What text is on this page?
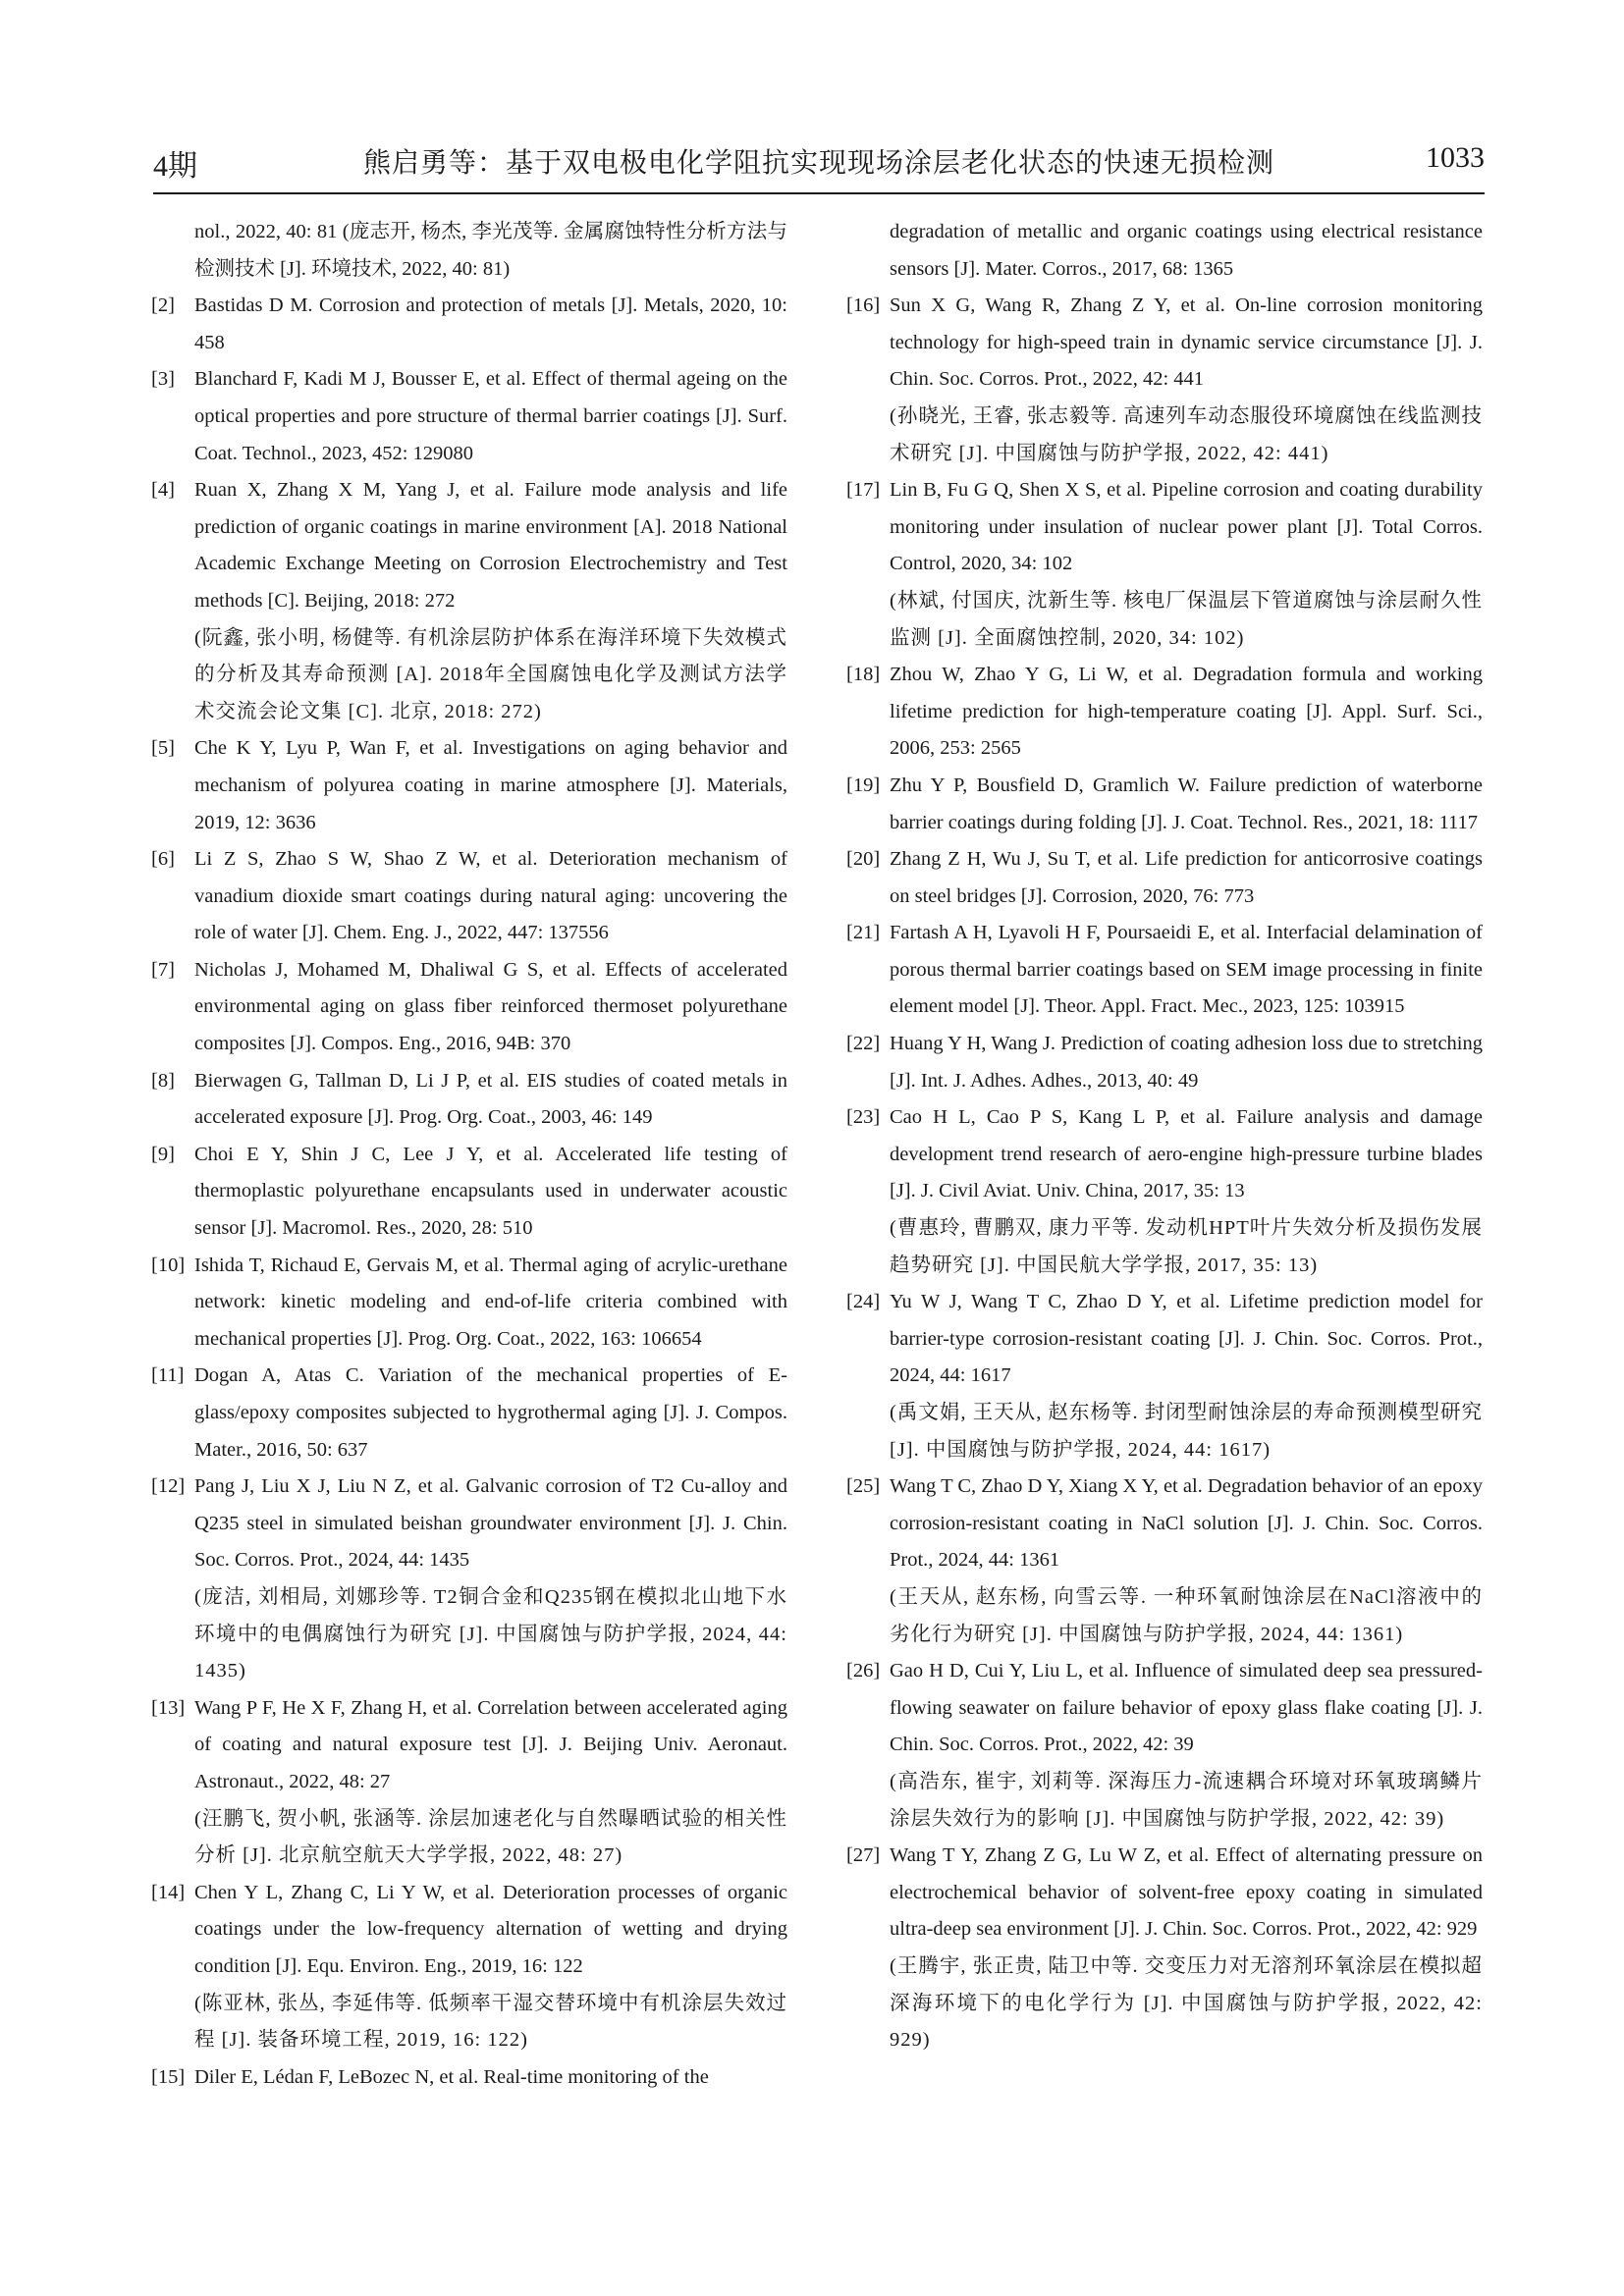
4期	熊启勇等：基于双电极电化学阻抗实现现场涂层老化状态的快速无损检测	1033
nol., 2022, 40: 81 (庞志开, 杨杰, 李光茂等. 金属腐蚀特性分析方法与检测技术 [J]. 环境技术, 2022, 40: 81)
[2] Bastidas D M. Corrosion and protection of metals [J]. Metals, 2020, 10: 458
[3] Blanchard F, Kadi M J, Bousser E, et al. Effect of thermal ageing on the optical properties and pore structure of thermal barrier coatings [J]. Surf. Coat. Technol., 2023, 452: 129080
[4] Ruan X, Zhang X M, Yang J, et al. Failure mode analysis and life prediction of organic coatings in marine environment [A]. 2018 National Academic Exchange Meeting on Corrosion Electrochemistry and Test methods [C]. Beijing, 2018: 272
(阮鑫, 张小明, 杨健等. 有机涂层防护体系在海洋环境下失效模式的分析及其寿命预测 [A]. 2018年全国腐蚀电化学及测试方法学术交流会论文集 [C]. 北京, 2018: 272)
[5] Che K Y, Lyu P, Wan F, et al. Investigations on aging behavior and mechanism of polyurea coating in marine atmosphere [J]. Materials, 2019, 12: 3636
[6] Li Z S, Zhao S W, Shao Z W, et al. Deterioration mechanism of vanadium dioxide smart coatings during natural aging: uncovering the role of water [J]. Chem. Eng. J., 2022, 447: 137556
[7] Nicholas J, Mohamed M, Dhaliwal G S, et al. Effects of accelerated environmental aging on glass fiber reinforced thermoset polyurethane composites [J]. Compos. Eng., 2016, 94B: 370
[8] Bierwagen G, Tallman D, Li J P, et al. EIS studies of coated metals in accelerated exposure [J]. Prog. Org. Coat., 2003, 46: 149
[9] Choi E Y, Shin J C, Lee J Y, et al. Accelerated life testing of thermoplastic polyurethane encapsulants used in underwater acoustic sensor [J]. Macromol. Res., 2020, 28: 510
[10] Ishida T, Richaud E, Gervais M, et al. Thermal aging of acrylic-urethane network: kinetic modeling and end-of-life criteria combined with mechanical properties [J]. Prog. Org. Coat., 2022, 163: 106654
[11] Dogan A, Atas C. Variation of the mechanical properties of E-glass/epoxy composites subjected to hygrothermal aging [J]. J. Compos. Mater., 2016, 50: 637
[12] Pang J, Liu X J, Liu N Z, et al. Galvanic corrosion of T2 Cu-alloy and Q235 steel in simulated beishan groundwater environment [J]. J. Chin. Soc. Corros. Prot., 2024, 44: 1435
(庞洁, 刘相局, 刘娜珍等. T2铜合金和Q235钢在模拟北山地下水环境中的电偶腐蚀行为研究 [J]. 中国腐蚀与防护学报, 2024, 44: 1435)
[13] Wang P F, He X F, Zhang H, et al. Correlation between accelerated aging of coating and natural exposure test [J]. J. Beijing Univ. Aeronaut. Astronaut., 2022, 48: 27
(汪鹏飞, 贺小帆, 张涵等. 涂层加速老化与自然曝晒试验的相关性分析 [J]. 北京航空航天大学学报, 2022, 48: 27)
[14] Chen Y L, Zhang C, Li Y W, et al. Deterioration processes of organic coatings under the low-frequency alternation of wetting and drying condition [J]. Equ. Environ. Eng., 2019, 16: 122
(陈亚林, 张丛, 李延伟等. 低频率干湿交替环境中有机涂层失效过程 [J]. 装备环境工程, 2019, 16: 122)
[15] Diler E, Lédan F, LeBozec N, et al. Real-time monitoring of the
degradation of metallic and organic coatings using electrical resistance sensors [J]. Mater. Corros., 2017, 68: 1365
[16] Sun X G, Wang R, Zhang Z Y, et al. On-line corrosion monitoring technology for high-speed train in dynamic service circumstance [J]. J. Chin. Soc. Corros. Prot., 2022, 42: 441
(孙晓光, 王睿, 张志毅等. 高速列车动态服役环境腐蚀在线监测技术研究 [J]. 中国腐蚀与防护学报, 2022, 42: 441)
[17] Lin B, Fu G Q, Shen X S, et al. Pipeline corrosion and coating durability monitoring under insulation of nuclear power plant [J]. Total Corros. Control, 2020, 34: 102
(林斌, 付国庆, 沈新生等. 核电厂保温层下管道腐蚀与涂层耐久性监测 [J]. 全面腐蚀控制, 2020, 34: 102)
[18] Zhou W, Zhao Y G, Li W, et al. Degradation formula and working lifetime prediction for high-temperature coating [J]. Appl. Surf. Sci., 2006, 253: 2565
[19] Zhu Y P, Bousfield D, Gramlich W. Failure prediction of waterborne barrier coatings during folding [J]. J. Coat. Technol. Res., 2021, 18: 1117
[20] Zhang Z H, Wu J, Su T, et al. Life prediction for anticorrosive coatings on steel bridges [J]. Corrosion, 2020, 76: 773
[21] Fartash A H, Lyavoli H F, Poursaeidi E, et al. Interfacial delamination of porous thermal barrier coatings based on SEM image processing in finite element model [J]. Theor. Appl. Fract. Mec., 2023, 125: 103915
[22] Huang Y H, Wang J. Prediction of coating adhesion loss due to stretching [J]. Int. J. Adhes. Adhes., 2013, 40: 49
[23] Cao H L, Cao P S, Kang L P, et al. Failure analysis and damage development trend research of aero-engine high-pressure turbine blades [J]. J. Civil Aviat. Univ. China, 2017, 35: 13
(曹惠玲, 曹鹏双, 康力平等. 发动机HPT叶片失效分析及损伤发展趋势研究 [J]. 中国民航大学学报, 2017, 35: 13)
[24] Yu W J, Wang T C, Zhao D Y, et al. Lifetime prediction model for barrier-type corrosion-resistant coating [J]. J. Chin. Soc. Corros. Prot., 2024, 44: 1617
(禹文娟, 王天从, 赵东杨等. 封闭型耐蚀涂层的寿命预测模型研究 [J]. 中国腐蚀与防护学报, 2024, 44: 1617)
[25] Wang T C, Zhao D Y, Xiang X Y, et al. Degradation behavior of an epoxy corrosion-resistant coating in NaCl solution [J]. J. Chin. Soc. Corros. Prot., 2024, 44: 1361
(王天从, 赵东杨, 向雪云等. 一种环氧耐蚀涂层在NaCl溶液中的劣化行为研究 [J]. 中国腐蚀与防护学报, 2024, 44: 1361)
[26] Gao H D, Cui Y, Liu L, et al. Influence of simulated deep sea pressured-flowing seawater on failure behavior of epoxy glass flake coating [J]. J. Chin. Soc. Corros. Prot., 2022, 42: 39
(高浩东, 崔宇, 刘莉等. 深海压力-流速耦合环境对环氧玻璃鳞片涂层失效行为的影响 [J]. 中国腐蚀与防护学报, 2022, 42: 39)
[27] Wang T Y, Zhang Z G, Lu W Z, et al. Effect of alternating pressure on electrochemical behavior of solvent-free epoxy coating in simulated ultra-deep sea environment [J]. J. Chin. Soc. Corros. Prot., 2022, 42: 929
(王腾宇, 张正贵, 陆卫中等. 交变压力对无溶剂环氧涂层在模拟超深海环境下的电化学行为 [J]. 中国腐蚀与防护学报, 2022, 42: 929)
